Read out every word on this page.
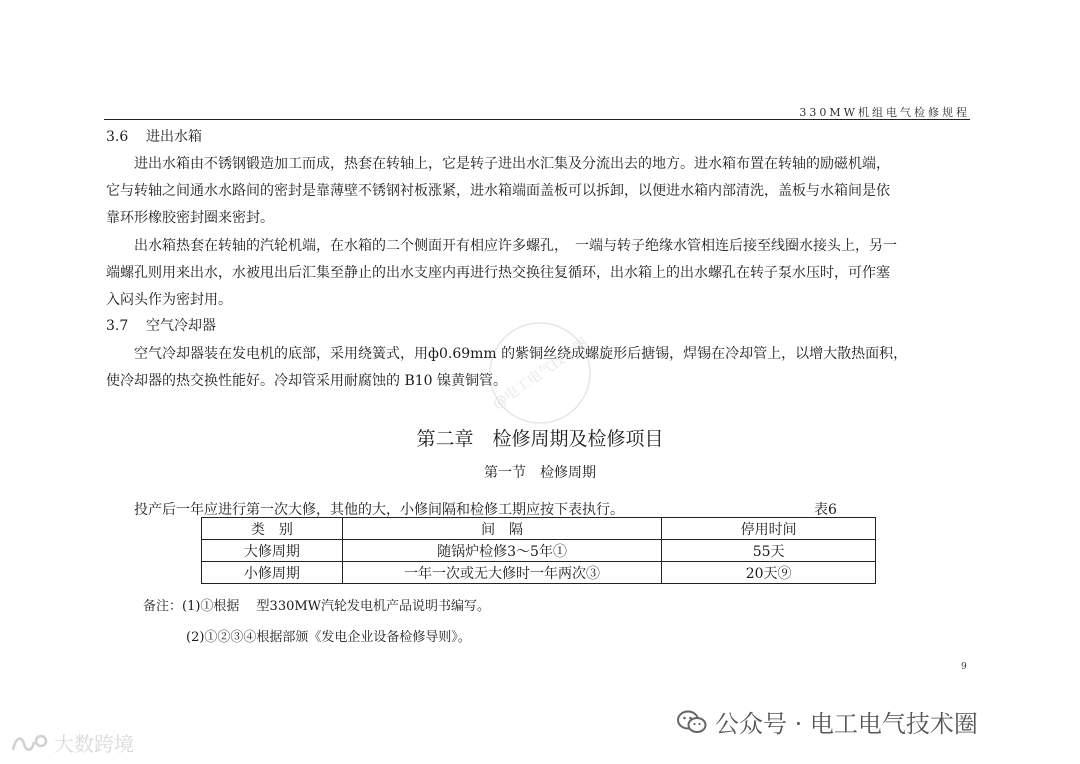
330MW机组电气检修规程
3.6 进出水箱
　　进出水箱由不锈钢锻造加工而成，热套在转轴上，它是转子进出水汇集及分流出去的地方。进水箱布置在转轴的励磁机端，
它与转轴之间通水水路间的密封是靠薄壁不锈钢衬板涨紧，进水箱端面盖板可以拆卸，以便进水箱内部清洗，盖板与水箱间是依
靠环形橡胶密封圈来密封。
　　出水箱热套在转轴的汽轮机端，在水箱的二个侧面开有相应许多螺孔，　一端与转子绝缘水管相连后接至线圈水接头上，另一
端螺孔则用来出水，水被甩出后汇集至静止的出水支座内再进行热交换往复循环，出水箱上的出水螺孔在转子泵水压时，可作塞
入闷头作为密封用。
3.7 空气冷却器
　　空气冷却器装在发电机的底部，采用绕簧式，用ф0.69mm 的紫铜丝绕成螺旋形后搪锡，焊锡在冷却管上，以增大散热面积，
使冷却器的热交换性能好。冷却管采用耐腐蚀的 B10 镍黄铜管。
@电工电气技术圈
第二章　检修周期及检修项目
第一节　检修周期
投产后一年应进行第一次大修，其他的大，小修间隔和检修工期应按下表执行。	表6
类　别	间　隔	停用时间
大修周期	随锅炉检修3～5年①	55天
小修周期	一年一次或无大修时一年两次③	20天⑨
备注：(1)①根据　 型330MW汽轮发电机产品说明书编写。
(2)①②③④根据部颁《发电企业设备检修导则》。
9
公众号 · 电工电气技术圈
大数跨境
